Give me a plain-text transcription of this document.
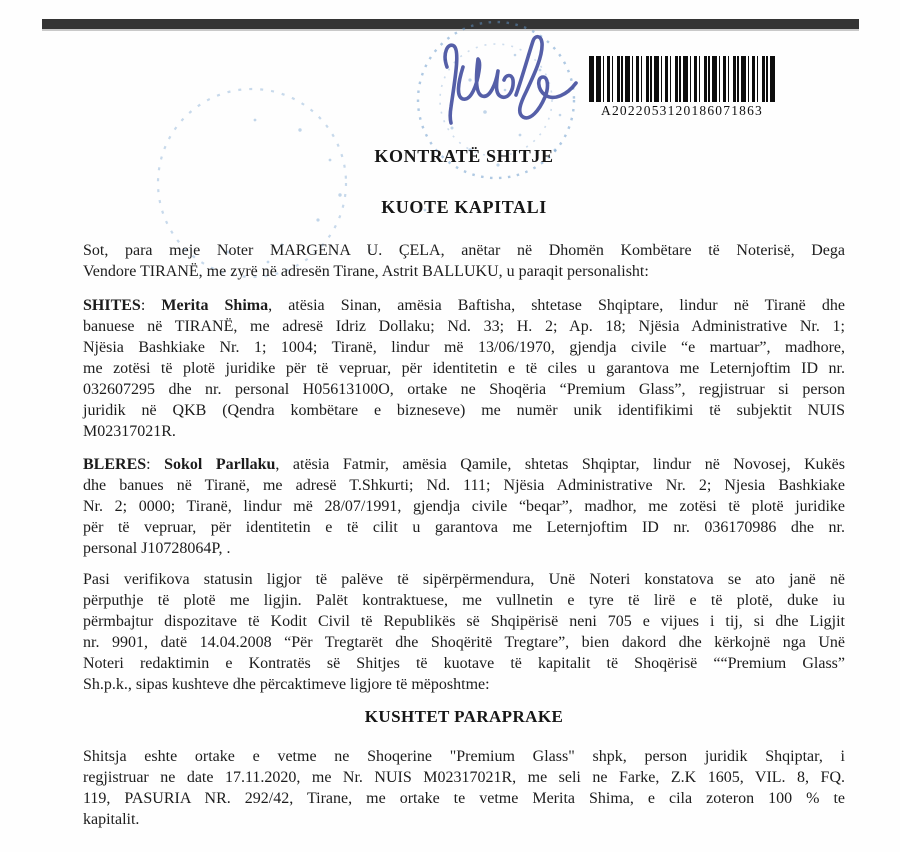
A2022053120186071863
KONTRATË SHITJE
KUOTE KAPITALI
Sot, para meje Noter MARGENA U. ÇELA, anëtar në Dhomën Kombëtare të Noterisë, Dega
Vendore TIRANË, me zyrë në adresën Tirane, Astrit BALLUKU, u paraqit personalisht:
SHITES: Merita Shima, atësia Sinan, amësia Baftisha, shtetase Shqiptare, lindur në Tiranë dhe
banuese në TIRANË, me adresë Idriz Dollaku; Nd. 33; H. 2; Ap. 18; Njësia Administrative Nr. 1;
Njësia Bashkiake Nr. 1; 1004; Tiranë, lindur më 13/06/1970, gjendja civile “e martuar”, madhore,
me zotësi të plotë juridike për të vepruar, për identitetin e të ciles u garantova me Leternjoftim ID nr.
032607295 dhe nr. personal H05613100O, ortake ne Shoqëria “Premium Glass”, regjistruar si person
juridik në QKB (Qendra kombëtare e bizneseve) me numër unik identifikimi të subjektit NUIS
M02317021R.
BLERES: Sokol Parllaku, atësia Fatmir, amësia Qamile, shtetas Shqiptar, lindur në Novosej, Kukës
dhe banues në Tiranë, me adresë T.Shkurti; Nd. 111; Njësia Administrative Nr. 2; Njesia Bashkiake
Nr. 2; 0000; Tiranë, lindur më 28/07/1991, gjendja civile “beqar”, madhor, me zotësi të plotë juridike
për të vepruar, për identitetin e të cilit u garantova me Leternjoftim ID nr. 036170986 dhe nr.
personal J10728064P, .
Pasi verifikova statusin ligjor të palëve të sipërpërmendura, Unë Noteri konstatova se ato janë në
përputhje të plotë me ligjin. Palët kontraktuese, me vullnetin e tyre të lirë e të plotë, duke iu
përmbajtur dispozitave të Kodit Civil të Republikës së Shqipërisë neni 705 e vijues i tij, si dhe Ligjit
nr. 9901, datë 14.04.2008 “Për Tregtarët dhe Shoqëritë Tregtare”, bien dakord dhe kërkojnë nga Unë
Noteri redaktimin e Kontratës së Shitjes të kuotave të kapitalit të Shoqërisë ““Premium Glass”
Sh.p.k., sipas kushteve dhe përcaktimeve ligjore të mëposhtme:
KUSHTET PARAPRAKE
Shitsja eshte ortake e vetme ne Shoqerine "Premium Glass" shpk, person juridik Shqiptar, i
regjistruar ne date 17.11.2020, me Nr. NUIS M02317021R, me seli ne Farke, Z.K 1605, VIL. 8, FQ.
119, PASURIA NR. 292/42, Tirane, me ortake te vetme Merita Shima, e cila zoteron 100 % te
kapitalit.
